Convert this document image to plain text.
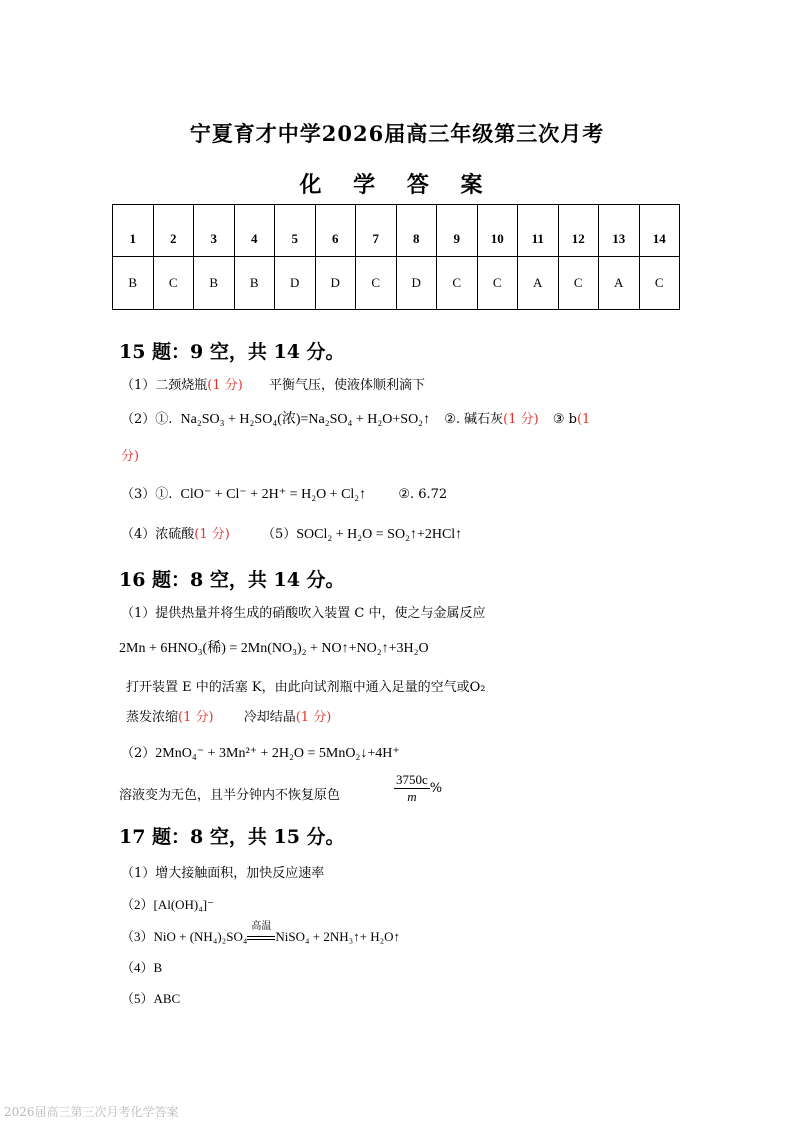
宁夏育才中学2026届高三年级第三次月考
化 学 答 案
1	2	3	4	5	6	7	8	9	10	11	12	13	14
B	C	B	B	D	D	C	D	C	C	A	C	A	C
15 题：9 空，共 14 分。
（1）二颈烧瓶(1 分) 平衡气压，使液体顺利滴下
（2）①. Na₂SO₃ + H₂SO₄(浓)=Na₂SO₄ + H₂O+SO₂↑ ②. 碱石灰(1 分) ③ b(1
分)
（3）①. ClO⁻ + Cl⁻ + 2H⁺ = H₂O + Cl₂↑ ②. 6.72
（4）浓硫酸(1 分) （5）SOCl₂ + H₂O = SO₂↑+2HCl↑
16 题：8 空，共 14 分。
（1）提供热量并将生成的硝酸吹入装置 C 中，使之与金属反应
2Mn + 6HNO₃(稀) = 2Mn(NO₃)₂ + NO↑+NO₂↑+3H₂O
打开装置 E 中的活塞 K，由此向试剂瓶中通入足量的空气或O₂
蒸发浓缩(1 分) 冷却结晶(1 分)
（2）2MnO₄⁻ + 3Mn²⁺ + 2H₂O = 5MnO₂↓+4H⁺
溶液变为无色，且半分钟内不恢复原色	$\frac{3750c}{m}$ %
17 题：8 空，共 15 分。
（1）增大接触面积，加快反应速率
（2）[Al(OH)₄]⁻
（3）NiO + (NH₄)₂SO₄
高温
NiSO₄ + 2NH₃↑+ H₂O↑
（4）B
（5）ABC
2026届高三第三次月考化学答案
